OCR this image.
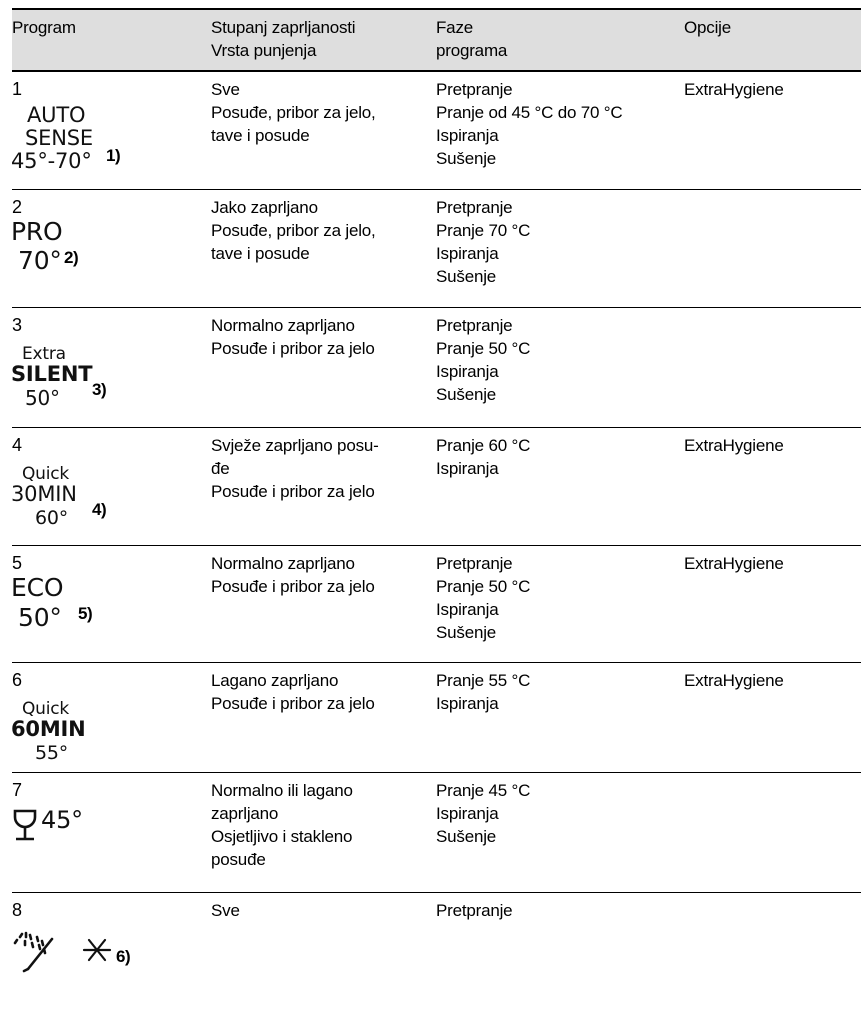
Program	Stupanj zaprljanosti
Vrsta punjenja
Faze
programa
Opcije
1
AUTO
SENSE
45°-70° 1)
Sve
Posuđe, pribor za jelo,
tave i posude
Pretpranje
Pranje od 45 °C do 70 °C
Ispiranja
Sušenje
ExtraHygiene
2
PRO
70° 2)
Jako zaprljano
Posuđe, pribor za jelo,
tave i posude
Pretpranje
Pranje 70 °C
Ispiranja
Sušenje
3
Extra
SILENT
50° 3)
Normalno zaprljano
Posuđe i pribor za jelo
Pretpranje
Pranje 50 °C
Ispiranja
Sušenje
4
Quick
30MIN
60° 4)
Svježe zaprljano posu-
đe
Posuđe i pribor za jelo
Pranje 60 °C
Ispiranja
ExtraHygiene
5
ECO
50° 5)
Normalno zaprljano
Posuđe i pribor za jelo
Pretpranje
Pranje 50 °C
Ispiranja
Sušenje
ExtraHygiene
6
Quick
60MIN
55°
Lagano zaprljano
Posuđe i pribor za jelo
Pranje 55 °C
Ispiranja
ExtraHygiene
7
45°
Normalno ili lagano
zaprljano
Osjetljivo i stakleno
posuđe
Pranje 45 °C
Ispiranja
Sušenje
8
6)
Sve	Pretpranje
